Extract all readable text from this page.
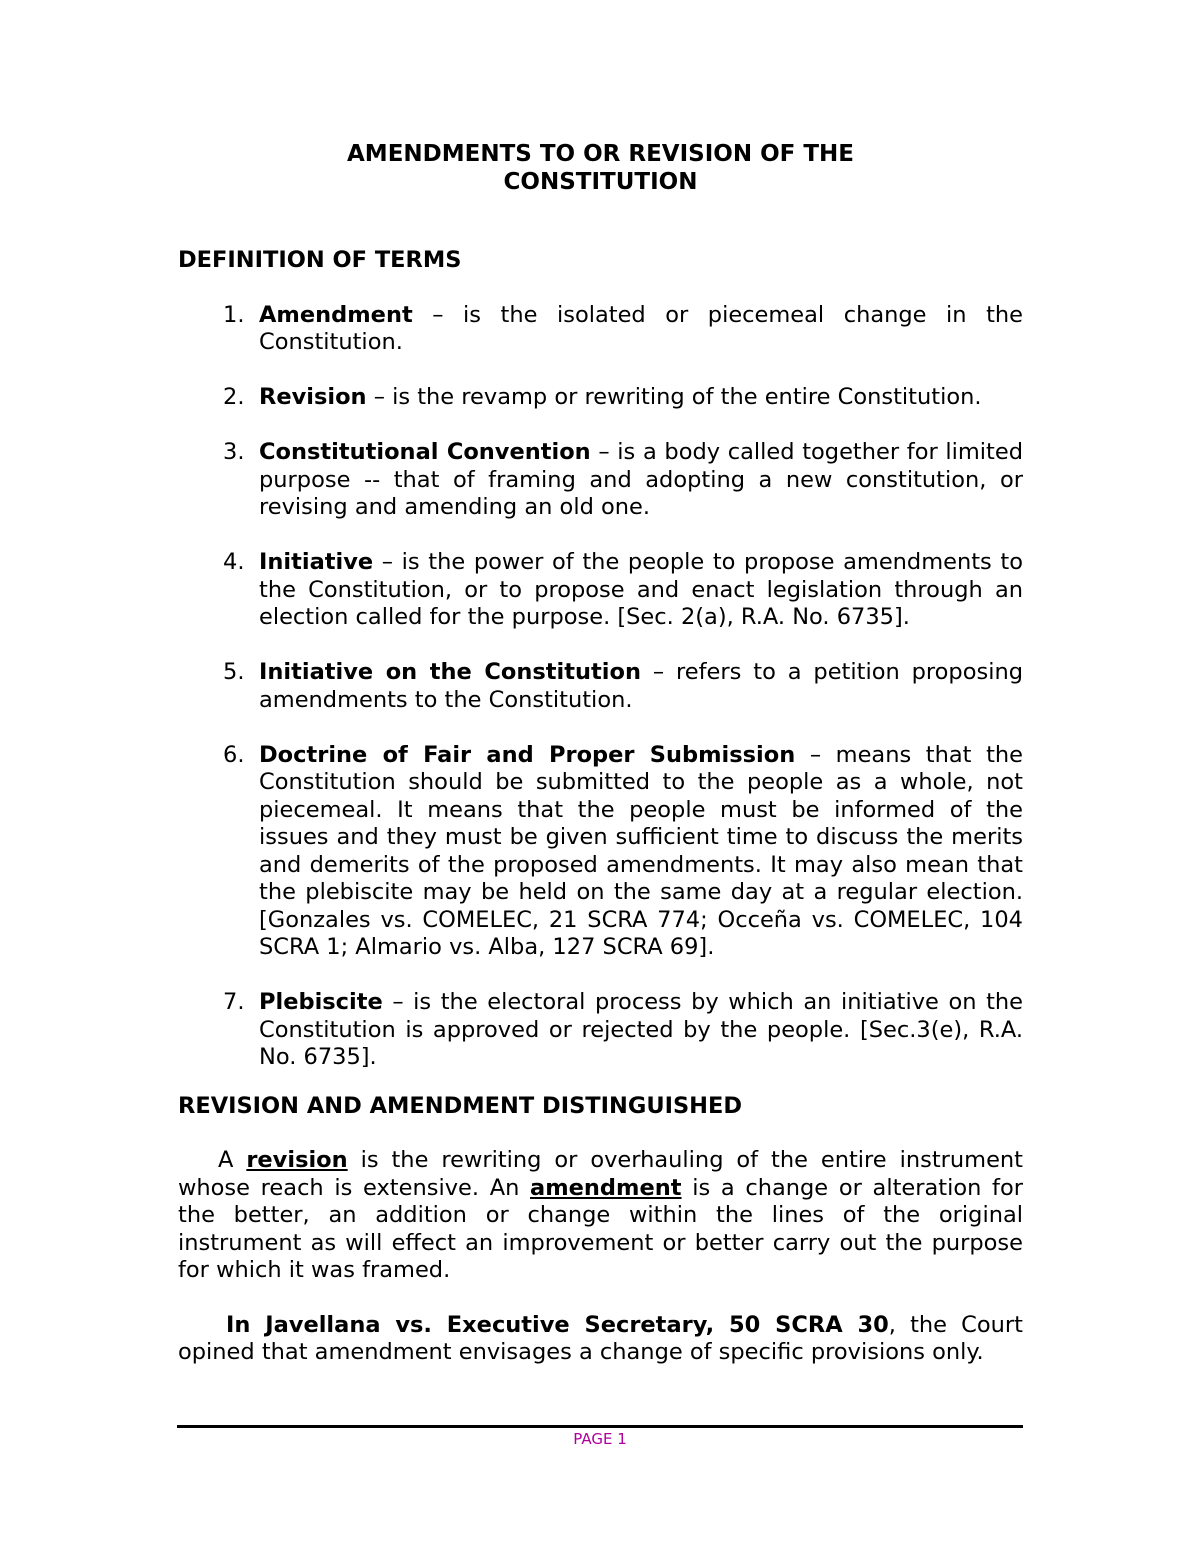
AMENDMENTS TO OR REVISION OF THE
CONSTITUTION

DEFINITION OF TERMS

1. Amendment – is the isolated or piecemeal change in the Constitution.
2. Revision – is the revamp or rewriting of the entire Constitution.
3. Constitutional Convention – is a body called together for limited purpose -- that of framing and adopting a new constitution, or revising and amending an old one.
4. Initiative – is the power of the people to propose amendments to the Constitution, or to propose and enact legislation through an election called for the purpose. [Sec. 2(a), R.A. No. 6735].
5. Initiative on the Constitution – refers to a petition proposing amendments to the Constitution.
6. Doctrine of Fair and Proper Submission – means that the Constitution should be submitted to the people as a whole, not piecemeal. It means that the people must be informed of the issues and they must be given sufficient time to discuss the merits and demerits of the proposed amendments. It may also mean that the plebiscite may be held on the same day at a regular election. [Gonzales vs. COMELEC, 21 SCRA 774; Occeña vs. COMELEC, 104 SCRA 1; Almario vs. Alba, 127 SCRA 69].
7. Plebiscite – is the electoral process by which an initiative on the Constitution is approved or rejected by the people. [Sec.3(e), R.A. No. 6735].

REVISION AND AMENDMENT DISTINGUISHED

A revision is the rewriting or overhauling of the entire instrument whose reach is extensive. An amendment is a change or alteration for the better, an addition or change within the lines of the original instrument as will effect an improvement or better carry out the purpose for which it was framed.

In Javellana vs. Executive Secretary, 50 SCRA 30, the Court opined that amendment envisages a change of specific provisions only.

PAGE 1
